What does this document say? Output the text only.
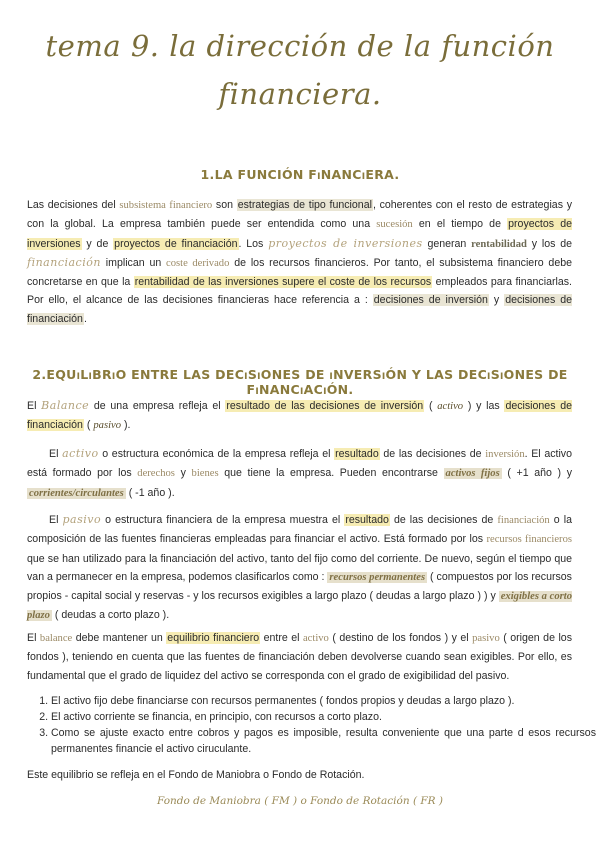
tema 9. la dirección de la función
financiera.
1.LA FUNCIÓN FiNANCiERA.
Las decisiones del subsistema financiero son estrategias de tipo funcional, coherentes con el resto de estrategias y con la global. La empresa también puede ser entendida como una sucesión en el tiempo de proyectos de inversiones y de proyectos de financiación. Los proyectos de inversiones generan rentabilidad y los de financiación implican un coste derivado de los recursos financieros. Por tanto, el subsistema financiero debe concretarse en que la rentabilidad de las inversiones supere el coste de los recursos empleados para financiarlas. Por ello, el alcance de las decisiones financieras hace referencia a : decisiones de inversión y decisiones de financiación.
2.EQUiLiBRiO ENTRE LAS DECiSiONES DE iNVERSiÓN Y LAS DECiSiONES DE FiNANCiACiÓN.
El Balance de una empresa refleja el resultado de las decisiones de inversión ( activo ) y las decisiones de financiación ( pasivo ).
El activo o estructura económica de la empresa refleja el resultado de las decisiones de inversión. El activo está formado por los derechos y bienes que tiene la empresa. Pueden encontrarse activos fijos ( +1 año ) y corrientes/circulantes ( -1 año ).
El pasivo o estructura financiera de la empresa muestra el resultado de las decisiones de financiación o la composición de las fuentes financieras empleadas para financiar el activo. Está formado por los recursos financieros que se han utilizado para la financiación del activo, tanto del fijo como del corriente. De nuevo, según el tiempo que van a permanecer en la empresa, podemos clasificarlos como : recursos permanentes ( compuestos por los recursos propios - capital social y reservas - y los recursos exigibles a largo plazo ( deudas a largo plazo ) ) y exigibles a corto plazo ( deudas a corto plazo ).
El balance debe mantener un equilibrio financiero entre el activo ( destino de los fondos ) y el pasivo ( origen de los fondos ), teniendo en cuenta que las fuentes de financiación deben devolverse cuando sean exigibles. Por ello, es fundamental que el grado de liquidez del activo se corresponda con el grado de exigibilidad del pasivo.
1. El activo fijo debe financiarse con recursos permanentes ( fondos propios y deudas a largo plazo ).
2. El activo corriente se financia, en principio, con recursos a corto plazo.
3. Como se ajuste exacto entre cobros y pagos es imposible, resulta conveniente que una parte d esos recursos permanentes financie el activo ciruculante.
Este equilibrio se refleja en el Fondo de Maniobra o Fondo de Rotación.
Fondo de Maniobra ( FM ) o Fondo de Rotación ( FR )
